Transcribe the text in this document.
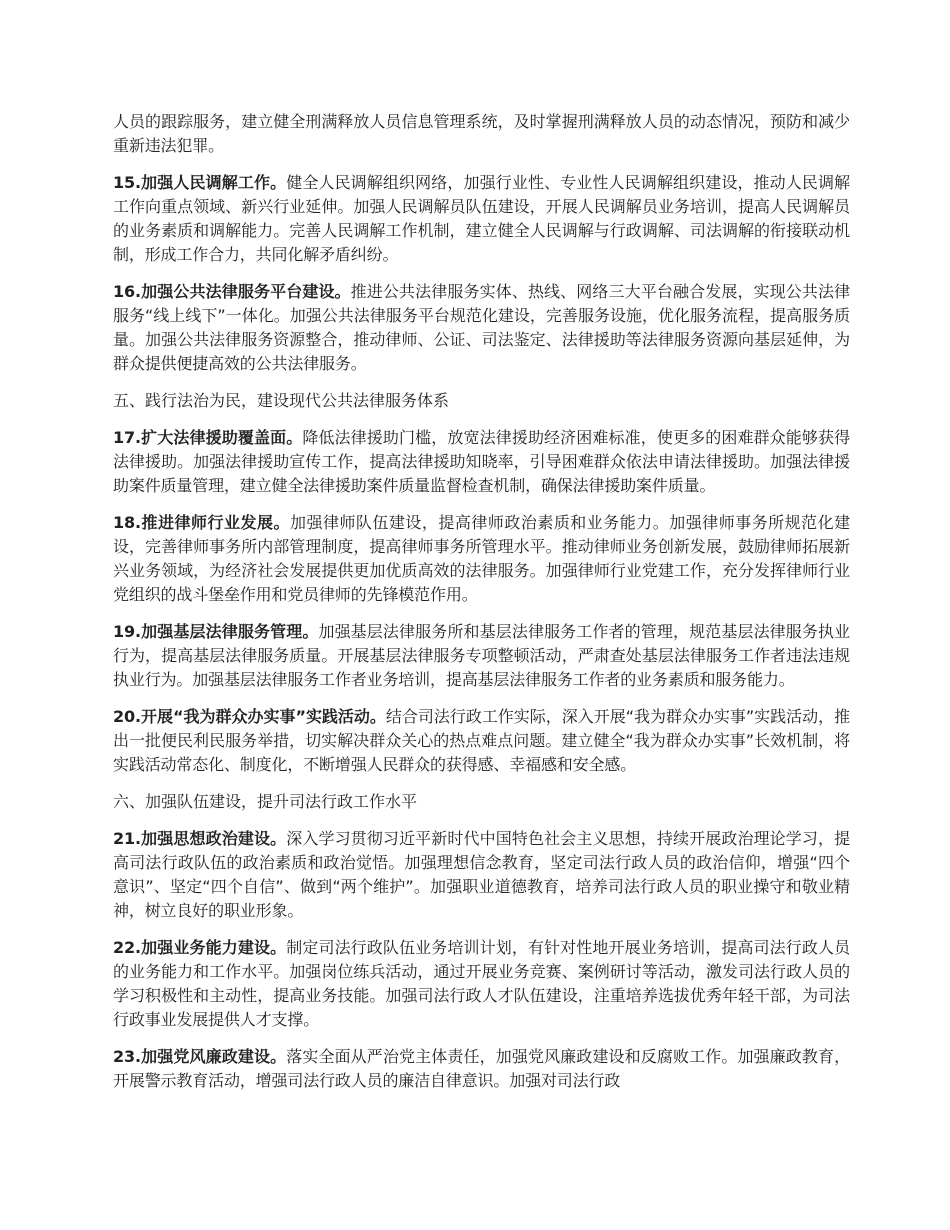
人员的跟踪服务，建立健全刑满释放人员信息管理系统，及时掌握刑满释放人员的动态情况，预防和减少重新违法犯罪。

15.加强人民调解工作。健全人民调解组织网络，加强行业性、专业性人民调解组织建设，推动人民调解工作向重点领域、新兴行业延伸。加强人民调解员队伍建设，开展人民调解员业务培训，提高人民调解员的业务素质和调解能力。完善人民调解工作机制，建立健全人民调解与行政调解、司法调解的衔接联动机制，形成工作合力，共同化解矛盾纠纷。

16.加强公共法律服务平台建设。推进公共法律服务实体、热线、网络三大平台融合发展，实现公共法律服务“线上线下”一体化。加强公共法律服务平台规范化建设，完善服务设施，优化服务流程，提高服务质量。加强公共法律服务资源整合，推动律师、公证、司法鉴定、法律援助等法律服务资源向基层延伸，为群众提供便捷高效的公共法律服务。

五、践行法治为民，建设现代公共法律服务体系

17.扩大法律援助覆盖面。降低法律援助门槛，放宽法律援助经济困难标准，使更多的困难群众能够获得法律援助。加强法律援助宣传工作，提高法律援助知晓率，引导困难群众依法申请法律援助。加强法律援助案件质量管理，建立健全法律援助案件质量监督检查机制，确保法律援助案件质量。

18.推进律师行业发展。加强律师队伍建设，提高律师政治素质和业务能力。加强律师事务所规范化建设，完善律师事务所内部管理制度，提高律师事务所管理水平。推动律师业务创新发展，鼓励律师拓展新兴业务领域，为经济社会发展提供更加优质高效的法律服务。加强律师行业党建工作，充分发挥律师行业党组织的战斗堡垒作用和党员律师的先锋模范作用。

19.加强基层法律服务管理。加强基层法律服务所和基层法律服务工作者的管理，规范基层法律服务执业行为，提高基层法律服务质量。开展基层法律服务专项整顿活动，严肃查处基层法律服务工作者违法违规执业行为。加强基层法律服务工作者业务培训，提高基层法律服务工作者的业务素质和服务能力。

20.开展“我为群众办实事”实践活动。结合司法行政工作实际，深入开展“我为群众办实事”实践活动，推出一批便民利民服务举措，切实解决群众关心的热点难点问题。建立健全“我为群众办实事”长效机制，将实践活动常态化、制度化，不断增强人民群众的获得感、幸福感和安全感。

六、加强队伍建设，提升司法行政工作水平

21.加强思想政治建设。深入学习贯彻习近平新时代中国特色社会主义思想，持续开展政治理论学习，提高司法行政队伍的政治素质和政治觉悟。加强理想信念教育，坚定司法行政人员的政治信仰，增强“四个意识”、坚定“四个自信”、做到“两个维护”。加强职业道德教育，培养司法行政人员的职业操守和敬业精神，树立良好的职业形象。

22.加强业务能力建设。制定司法行政队伍业务培训计划，有针对性地开展业务培训，提高司法行政人员的业务能力和工作水平。加强岗位练兵活动，通过开展业务竞赛、案例研讨等活动，激发司法行政人员的学习积极性和主动性，提高业务技能。加强司法行政人才队伍建设，注重培养选拔优秀年轻干部，为司法行政事业发展提供人才支撑。

23.加强党风廉政建设。落实全面从严治党主体责任，加强党风廉政建设和反腐败工作。加强廉政教育，开展警示教育活动，增强司法行政人员的廉洁自律意识。加强对司法行政
